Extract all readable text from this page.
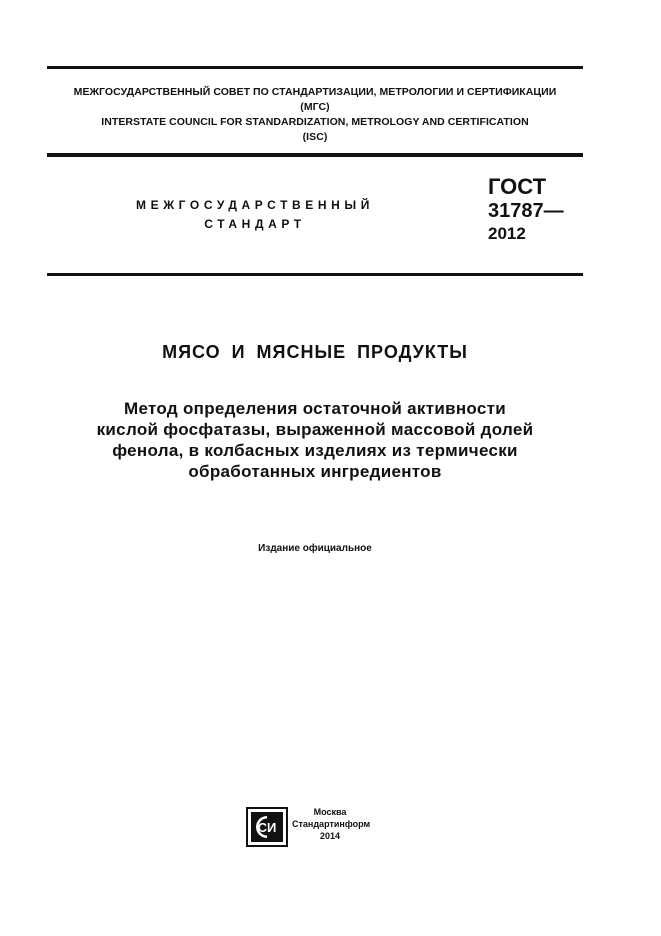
МЕЖГОСУДАРСТВЕННЫЙ СОВЕТ ПО СТАНДАРТИЗАЦИИ, МЕТРОЛОГИИ И СЕРТИФИКАЦИИ
(МГС)
INTERSTATE COUNCIL FOR STANDARDIZATION, METROLOGY AND CERTIFICATION
(ISC)
МЕЖГОСУДАРСТВЕННЫЙ
СТАНДАРТ
ГОСТ
31787—
2012
МЯСО И МЯСНЫЕ ПРОДУКТЫ
Метод определения остаточной активности
кислой фосфатазы, выраженной массовой долей
фенола, в колбасных изделиях из термически
обработанных ингредиентов
Издание официальное
СИ
Москва
Стандартинформ
2014
